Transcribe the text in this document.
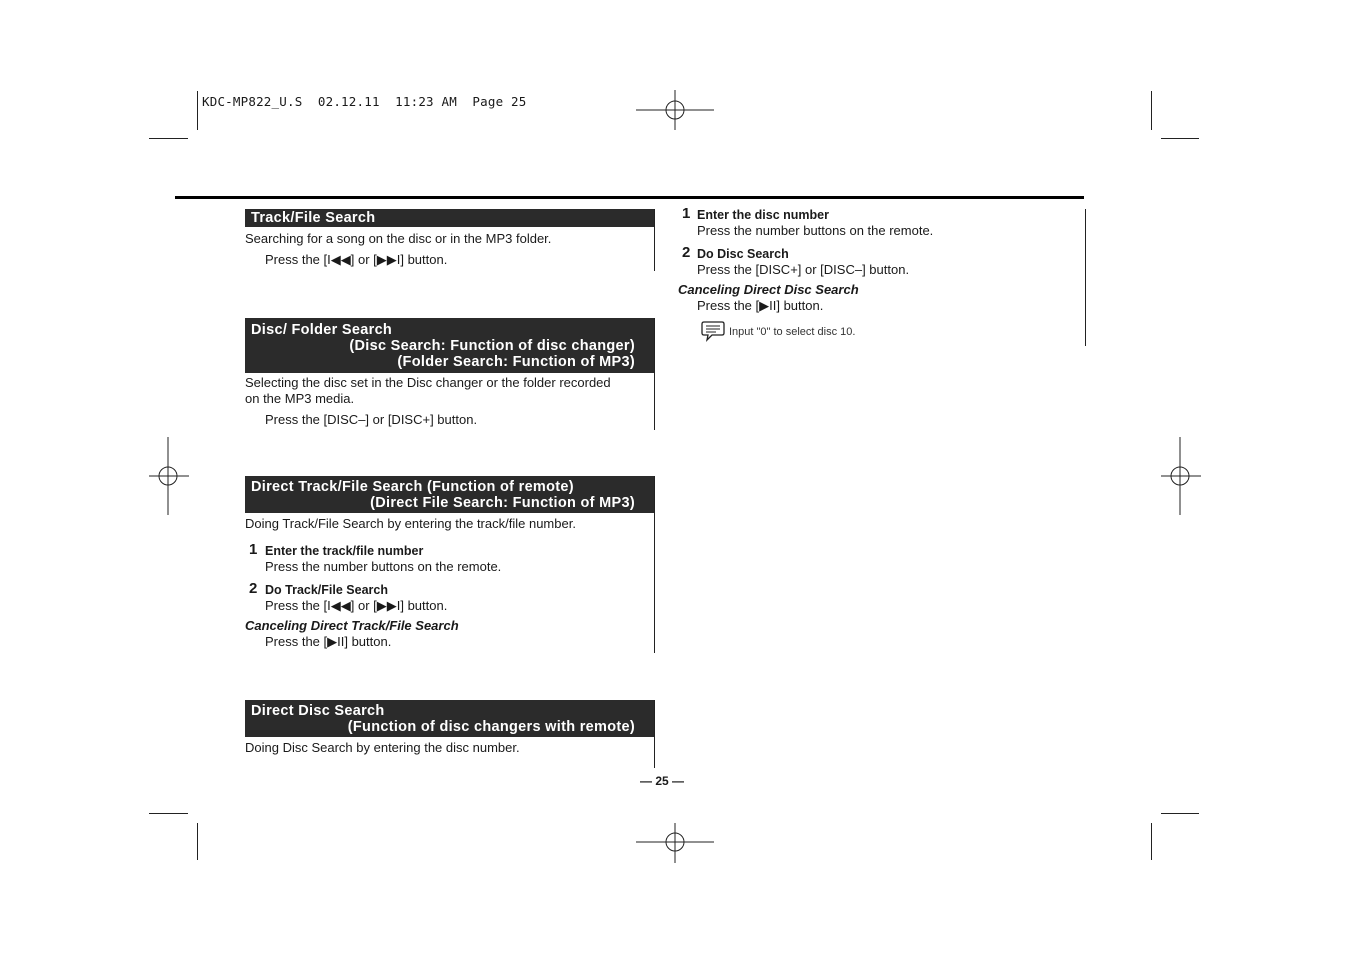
KDC-MP822_U.S  02.12.11  11:23 AM  Page 25
Track/File Search
Searching for a song on the disc or in the MP3 folder.
Press the [I◀◀] or [▶▶I] button.
Disc/ Folder Search
(Disc Search: Function of disc changer)
(Folder Search: Function of MP3)
Selecting the disc set in the Disc changer or the folder recorded
on the MP3 media.
Press the [DISC–] or [DISC+] button.
Direct Track/File Search (Function of remote)
(Direct File Search: Function of MP3)
Doing Track/File Search by entering the track/file number.
1 Enter the track/file number
Press the number buttons on the remote.
2 Do Track/File Search
Press the [I◀◀] or [▶▶I] button.
Canceling Direct Track/File Search
Press the [▶II] button.
Direct Disc Search
(Function of disc changers with remote)
Doing Disc Search by entering the disc number.
1 Enter the disc number
Press the number buttons on the remote.
2 Do Disc Search
Press the [DISC+] or [DISC–] button.
Canceling Direct Disc Search
Press the [▶II] button.
Input "0" to select disc 10.
— 25 —
